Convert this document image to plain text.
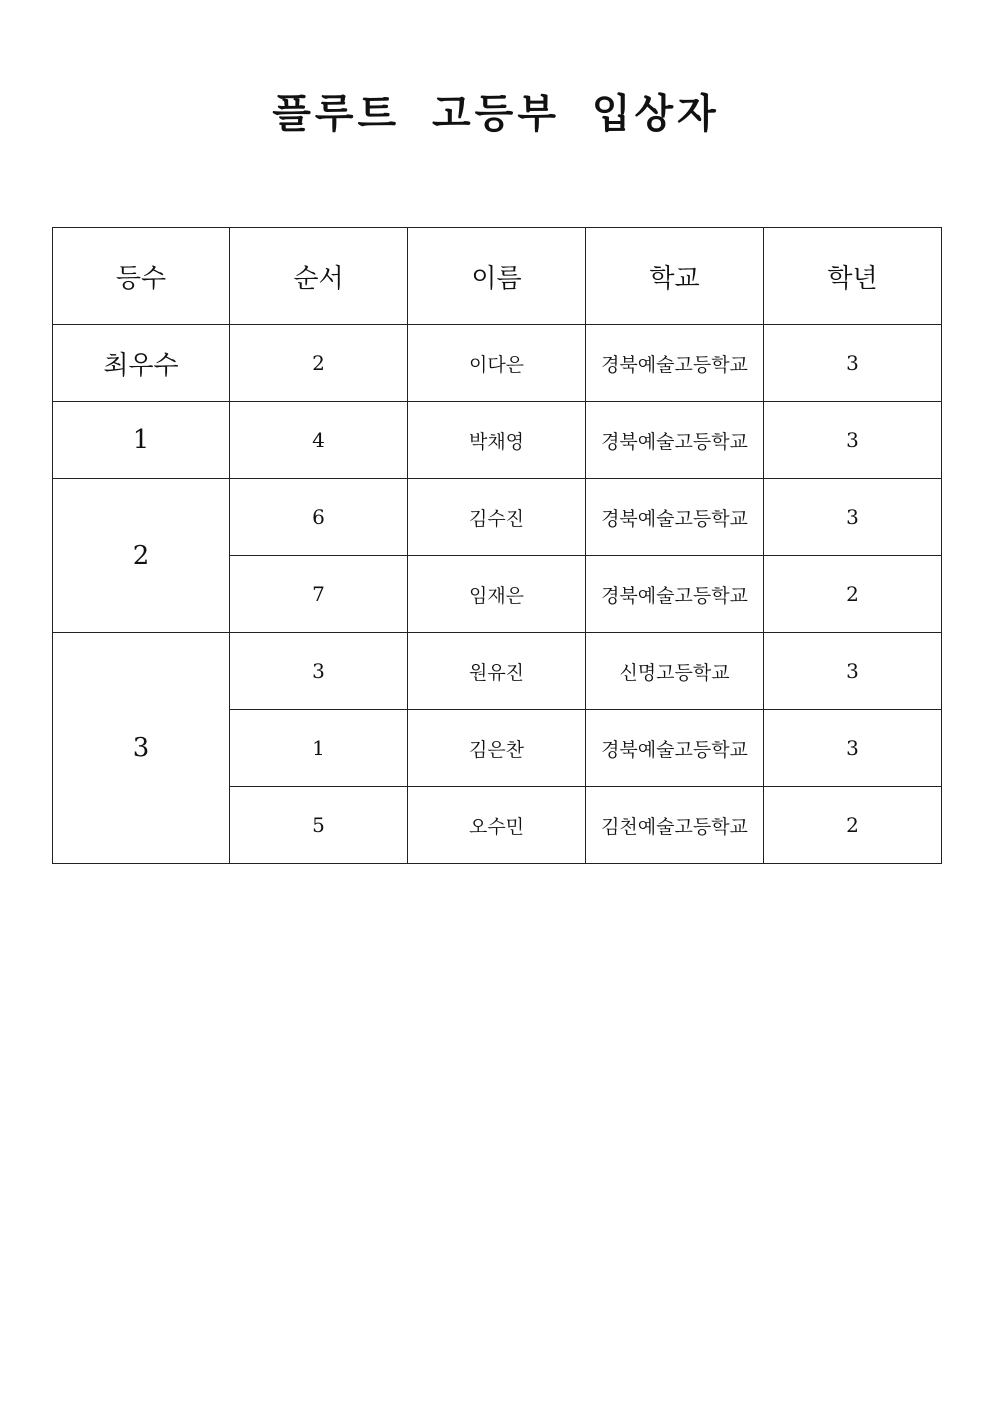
플루트 고등부 입상자
등수	순서	이름	학교	학년
최우수	2	이다은	경북예술고등학교	3
1	4	박채영	경북예술고등학교	3
2	6	김수진	경북예술고등학교	3
	7	임재은	경북예술고등학교	2
3	3	원유진	신명고등학교	3
	1	김은찬	경북예술고등학교	3
	5	오수민	김천예술고등학교	2
